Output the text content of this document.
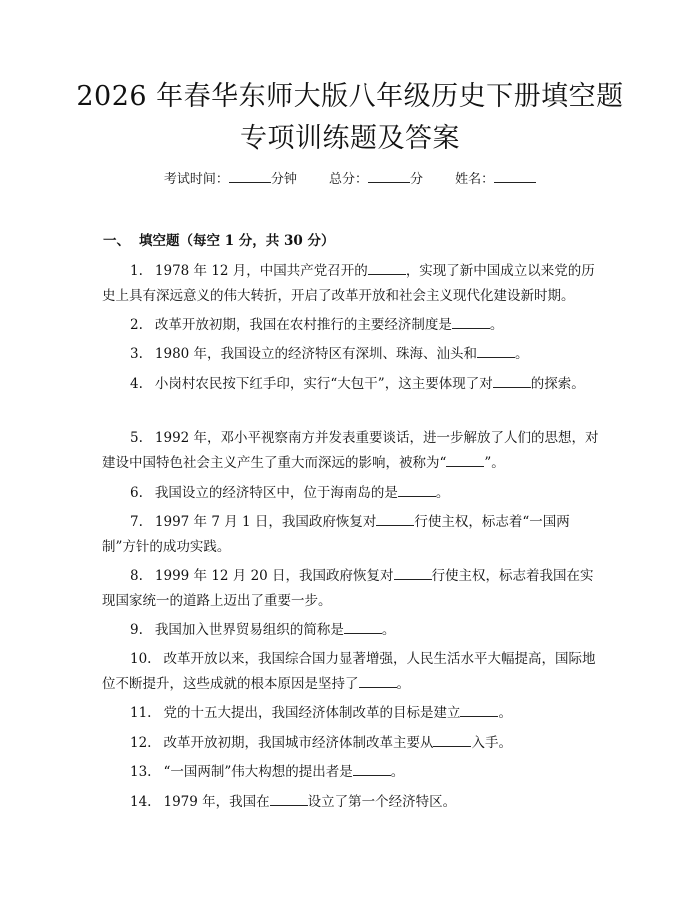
2026 年春华东师大版八年级历史下册填空题
专项训练题及答案
考试时间：	分钟 总分：	分 姓名：
一、 填空题（每空 1 分，共 30 分）
1. 1978 年 12 月，中国共产党召开的	，实现了新中国成立以来党的历史上具有深远意义的伟大转折，开启了改革开放和社会主义现代化建设新时期。
2. 改革开放初期，我国在农村推行的主要经济制度是	。
3. 1980 年，我国设立的经济特区有深圳、珠海、汕头和	。
4. 小岗村农民按下红手印，实行“大包干”，这主要体现了对	的探索。
5. 1992 年，邓小平视察南方并发表重要谈话，进一步解放了人们的思想，对建设中国特色社会主义产生了重大而深远的影响，被称为“	”。
6. 我国设立的经济特区中，位于海南岛的是	。
7. 1997 年 7 月 1 日，我国政府恢复对	行使主权，标志着“一国两制”方针的成功实践。
8. 1999 年 12 月 20 日，我国政府恢复对	行使主权，标志着我国在实现国家统一的道路上迈出了重要一步。
9. 我国加入世界贸易组织的简称是	。
10. 改革开放以来，我国综合国力显著增强，人民生活水平大幅提高，国际地位不断提升，这些成就的根本原因是坚持了	。
11. 党的十五大提出，我国经济体制改革的目标是建立	。
12. 改革开放初期，我国城市经济体制改革主要从	入手。
13. “一国两制”伟大构想的提出者是	。
14. 1979 年，我国在	设立了第一个经济特区。
